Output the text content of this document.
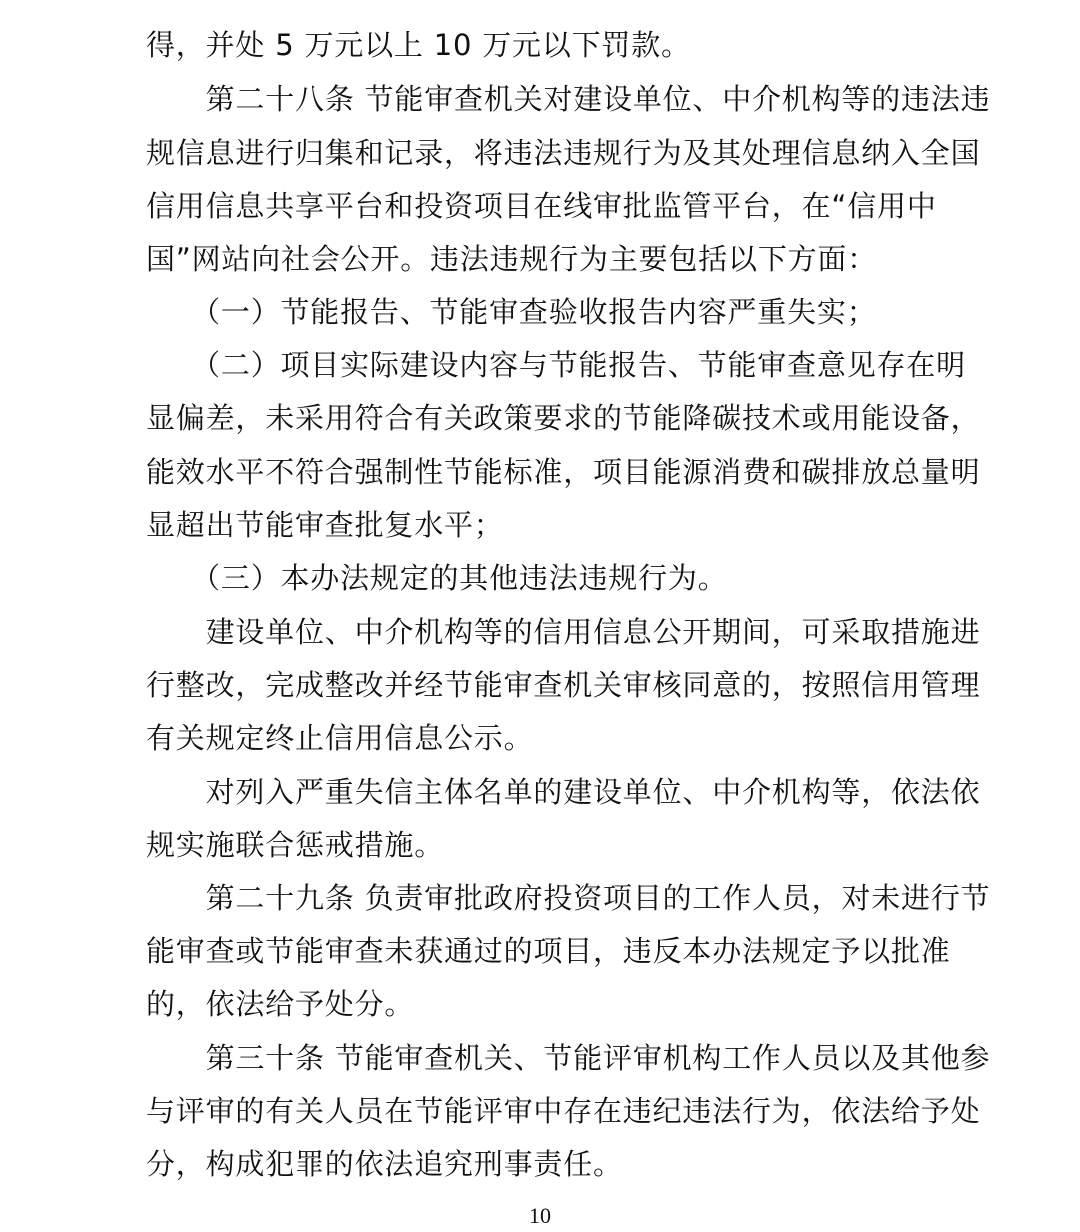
得，并处 5 万元以上 10 万元以下罚款。
　　第二十八条 节能审查机关对建设单位、中介机构等的违法违
规信息进行归集和记录，将违法违规行为及其处理信息纳入全国
信用信息共享平台和投资项目在线审批监管平台，在“信用中
国”网站向社会公开。违法违规行为主要包括以下方面：
　　（一）节能报告、节能审查验收报告内容严重失实；
　　（二）项目实际建设内容与节能报告、节能审查意见存在明
显偏差，未采用符合有关政策要求的节能降碳技术或用能设备，
能效水平不符合强制性节能标准，项目能源消费和碳排放总量明
显超出节能审查批复水平；
　　（三）本办法规定的其他违法违规行为。
　　建设单位、中介机构等的信用信息公开期间，可采取措施进
行整改，完成整改并经节能审查机关审核同意的，按照信用管理
有关规定终止信用信息公示。
　　对列入严重失信主体名单的建设单位、中介机构等，依法依
规实施联合惩戒措施。
　　第二十九条 负责审批政府投资项目的工作人员，对未进行节
能审查或节能审查未获通过的项目，违反本办法规定予以批准
的，依法给予处分。
　　第三十条 节能审查机关、节能评审机构工作人员以及其他参
与评审的有关人员在节能评审中存在违纪违法行为，依法给予处
分，构成犯罪的依法追究刑事责任。
10
